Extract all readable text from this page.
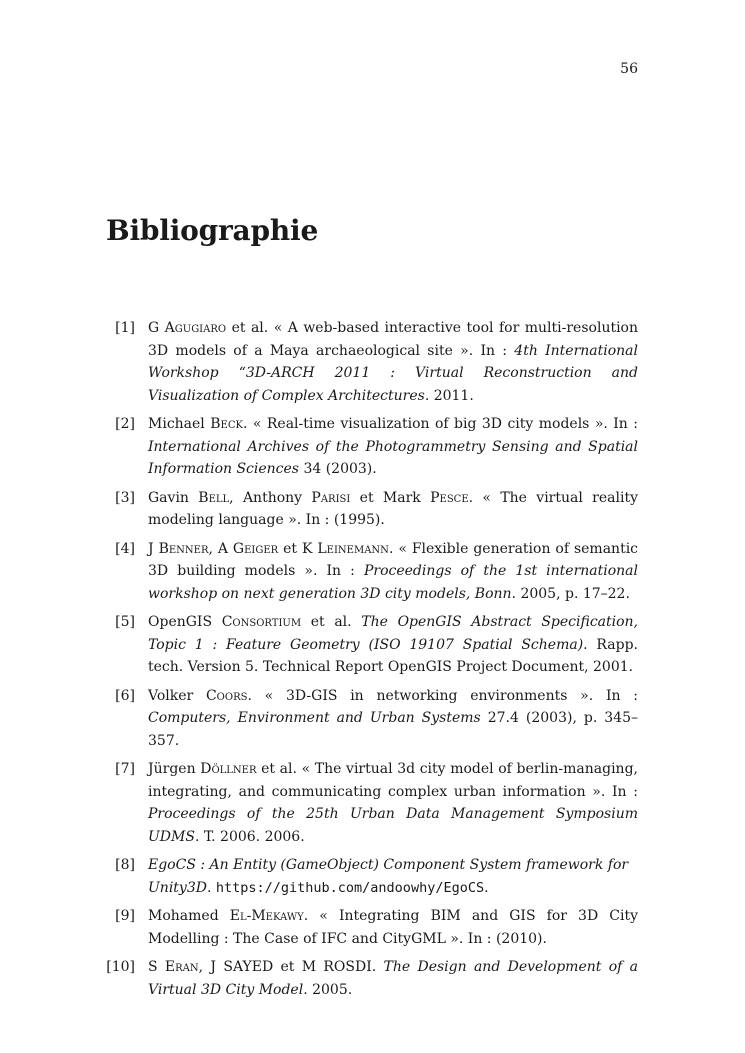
56
Bibliographie
[1] G Agugiaro et al. « A web-based interactive tool for multi-resolution 3D models of a Maya archaeological site ». In : 4th International Workshop “3D-ARCH 2011 : Virtual Reconstruction and Visualization of Complex Architectures. 2011.
[2] Michael Beck. « Real-time visualization of big 3D city models ». In : International Archives of the Photogrammetry Sensing and Spatial Information Sciences 34 (2003).
[3] Gavin Bell, Anthony Parisi et Mark Pesce. « The virtual reality modeling language ». In : (1995).
[4] J Benner, A Geiger et K Leinemann. « Flexible generation of semantic 3D building models ». In : Proceedings of the 1st international workshop on next generation 3D city models, Bonn. 2005, p. 17–22.
[5] OpenGIS Consortium et al. The OpenGIS Abstract Specification, Topic 1 : Feature Geometry (ISO 19107 Spatial Schema). Rapp. tech. Version 5. Technical Report OpenGIS Project Document, 2001.
[6] Volker Coors. « 3D-GIS in networking environments ». In : Computers, Environment and Urban Systems 27.4 (2003), p. 345–357.
[7] Jürgen Döllner et al. « The virtual 3d city model of berlin-managing, integrating, and communicating complex urban information ». In : Proceedings of the 25th Urban Data Management Symposium UDMS. T. 2006. 2006.
[8] EgoCS : An Entity (GameObject) Component System framework for Unity3D. https://github.com/andoowhy/EgoCS.
[9] Mohamed El-Mekawy. « Integrating BIM and GIS for 3D City Modelling : The Case of IFC and CityGML ». In : (2010).
[10] S Eran, J SAYED et M ROSDI. The Design and Development of a Virtual 3D City Model. 2005.
